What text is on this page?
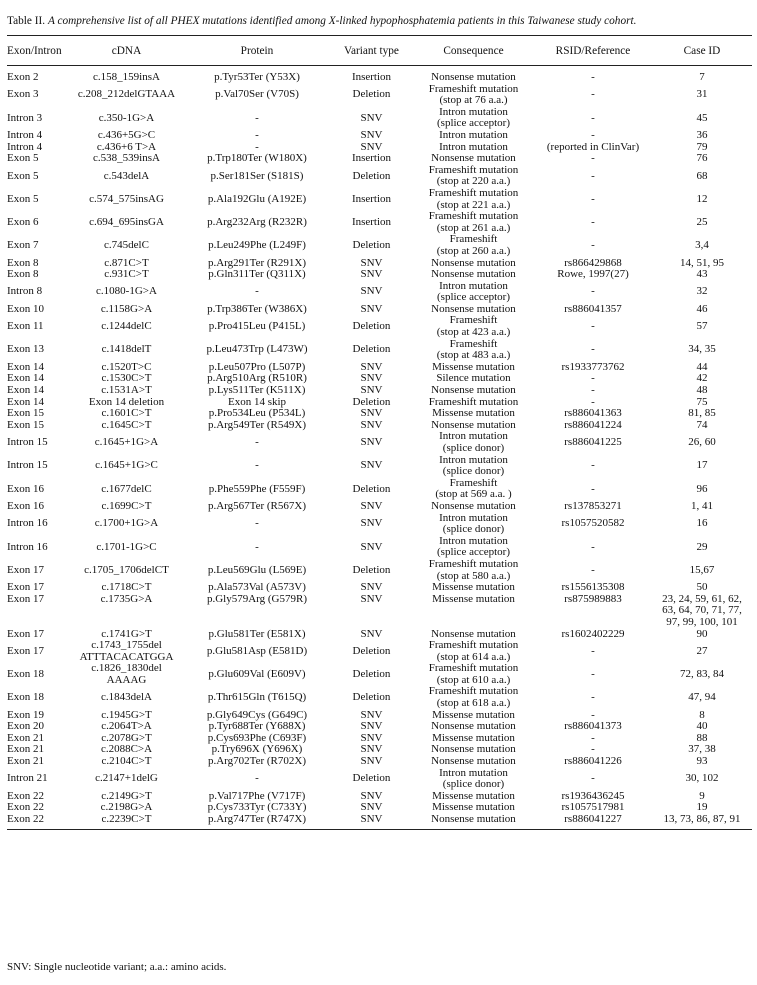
Table II. A comprehensive list of all PHEX mutations identified among X-linked hypophosphatemia patients in this Taiwanese study cohort.
Exon/Intron	cDNA	Protein	Variant type	Consequence	RSID/Reference	Case ID
Exon 2	c.158_159insA	p.Tyr53Ter (Y53X)	Insertion	Nonsense mutation	-	7
Exon 3	c.208_212delGTAAA	p.Val70Ser (V70S)	Deletion	Frameshift mutation
(stop at 76 a.a.)	-	31
Intron 3	c.350-1G>A	-	SNV	Intron mutation
(splice acceptor)	-	45
Intron 4	c.436+5G>C	-	SNV	Intron mutation	-	36
Intron 4	c.436+6 T>A	-	SNV	Intron mutation	(reported in ClinVar)	79
Exon 5	c.538_539insA	p.Trp180Ter (W180X)	Insertion	Nonsense mutation	-	76
Exon 5	c.543delA	p.Ser181Ser (S181S)	Deletion	Frameshift mutation
(stop at 220 a.a.)	-	68
Exon 5	c.574_575insAG	p.Ala192Glu (A192E)	Insertion	Frameshift mutation
(stop at 221 a.a.)	-	12
Exon 6	c.694_695insGA	p.Arg232Arg (R232R)	Insertion	Frameshift mutation
(stop at 261 a.a.)	-	25
Exon 7	c.745delC	p.Leu249Phe (L249F)	Deletion	Frameshift
(stop at 260 a.a.)	-	3,4
Exon 8	c.871C>T	p.Arg291Ter (R291X)	SNV	Nonsense mutation	rs866429868	14, 51, 95
Exon 8	c.931C>T	p.Gln311Ter (Q311X)	SNV	Nonsense mutation	Rowe, 1997(27)	43
Intron 8	c.1080-1G>A	-	SNV	Intron mutation
(splice acceptor)	-	32
Exon 10	c.1158G>A	p.Trp386Ter (W386X)	SNV	Nonsense mutation	rs886041357	46
Exon 11	c.1244delC	p.Pro415Leu (P415L)	Deletion	Frameshift
(stop at 423 a.a.)	-	57
Exon 13	c.1418delT	p.Leu473Trp (L473W)	Deletion	Frameshift
(stop at 483 a.a.)	-	34, 35
Exon 14	c.1520T>C	p.Leu507Pro (L507P)	SNV	Missense mutation	rs1933773762	44
Exon 14	c.1530C>T	p.Arg510Arg (R510R)	SNV	Silence mutation	-	42
Exon 14	c.1531A>T	p.Lys511Ter (K511X)	SNV	Nonsense mutation	-	48
Exon 14	Exon 14 deletion	Exon 14 skip	Deletion	Frameshift mutation	-	75
Exon 15	c.1601C>T	p.Pro534Leu (P534L)	SNV	Missense mutation	rs886041363	81, 85
Exon 15	c.1645C>T	p.Arg549Ter (R549X)	SNV	Nonsense mutation	rs886041224	74
Intron 15	c.1645+1G>A	-	SNV	Intron mutation
(splice donor)	rs886041225	26, 60
Intron 15	c.1645+1G>C	-	SNV	Intron mutation
(splice donor)	-	17
Exon 16	c.1677delC	p.Phe559Phe (F559F)	Deletion	Frameshift
(stop at 569 a.a. )	-	96
Exon 16	c.1699C>T	p.Arg567Ter (R567X)	SNV	Nonsense mutation	rs137853271	1, 41
Intron 16	c.1700+1G>A	-	SNV	Intron mutation
(splice donor)	rs1057520582	16
Intron 16	c.1701-1G>C	-	SNV	Intron mutation
(splice acceptor)	-	29
Exon 17	c.1705_1706delCT	p.Leu569Glu (L569E)	Deletion	Frameshift mutation
(stop at 580 a.a.)	-	15,67
Exon 17	c.1718C>T	p.Ala573Val (A573V)	SNV	Missense mutation	rs1556135308	50
Exon 17	c.1735G>A	p.Gly579Arg (G579R)	SNV	Missense mutation	rs875989883	23, 24, 59, 61, 62,
63, 64, 70, 71, 77,
97, 99, 100, 101
Exon 17	c.1741G>T	p.Glu581Ter (E581X)	SNV	Nonsense mutation	rs1602402229	90
Exon 17	c.1743_1755del
ATTTACACATGGA	p.Glu581Asp (E581D)	Deletion	Frameshift mutation
(stop at 614 a.a.)	-	27
Exon 18	c.1826_1830del
AAAAG	p.Glu609Val (E609V)	Deletion	Frameshift mutation
(stop at 610 a.a.)	-	72, 83, 84
Exon 18	c.1843delA	p.Thr615Gln (T615Q)	Deletion	Frameshift mutation
(stop at 618 a.a.)	-	47, 94
Exon 19	c.1945G>T	p.Gly649Cys (G649C)	SNV	Missense mutation	-	8
Exon 20	c.2064T>A	p.Tyr688Ter (Y688X)	SNV	Nonsense mutation	rs886041373	40
Exon 21	c.2078G>T	p.Cys693Phe (C693F)	SNV	Missense mutation	-	88
Exon 21	c.2088C>A	p.Try696X (Y696X)	SNV	Nonsense mutation	-	37, 38
Exon 21	c.2104C>T	p.Arg702Ter (R702X)	SNV	Nonsense mutation	rs886041226	93
Intron 21	c.2147+1delG	-	Deletion	Intron mutation
(splice donor)	-	30, 102
Exon 22	c.2149G>T	p.Val717Phe (V717F)	SNV	Missense mutation	rs1936436245	9
Exon 22	c.2198G>A	p.Cys733Tyr (C733Y)	SNV	Missense mutation	rs1057517981	19
Exon 22	c.2239C>T	p.Arg747Ter (R747X)	SNV	Nonsense mutation	rs886041227	13, 73, 86, 87, 91
SNV: Single nucleotide variant; a.a.: amino acids.
